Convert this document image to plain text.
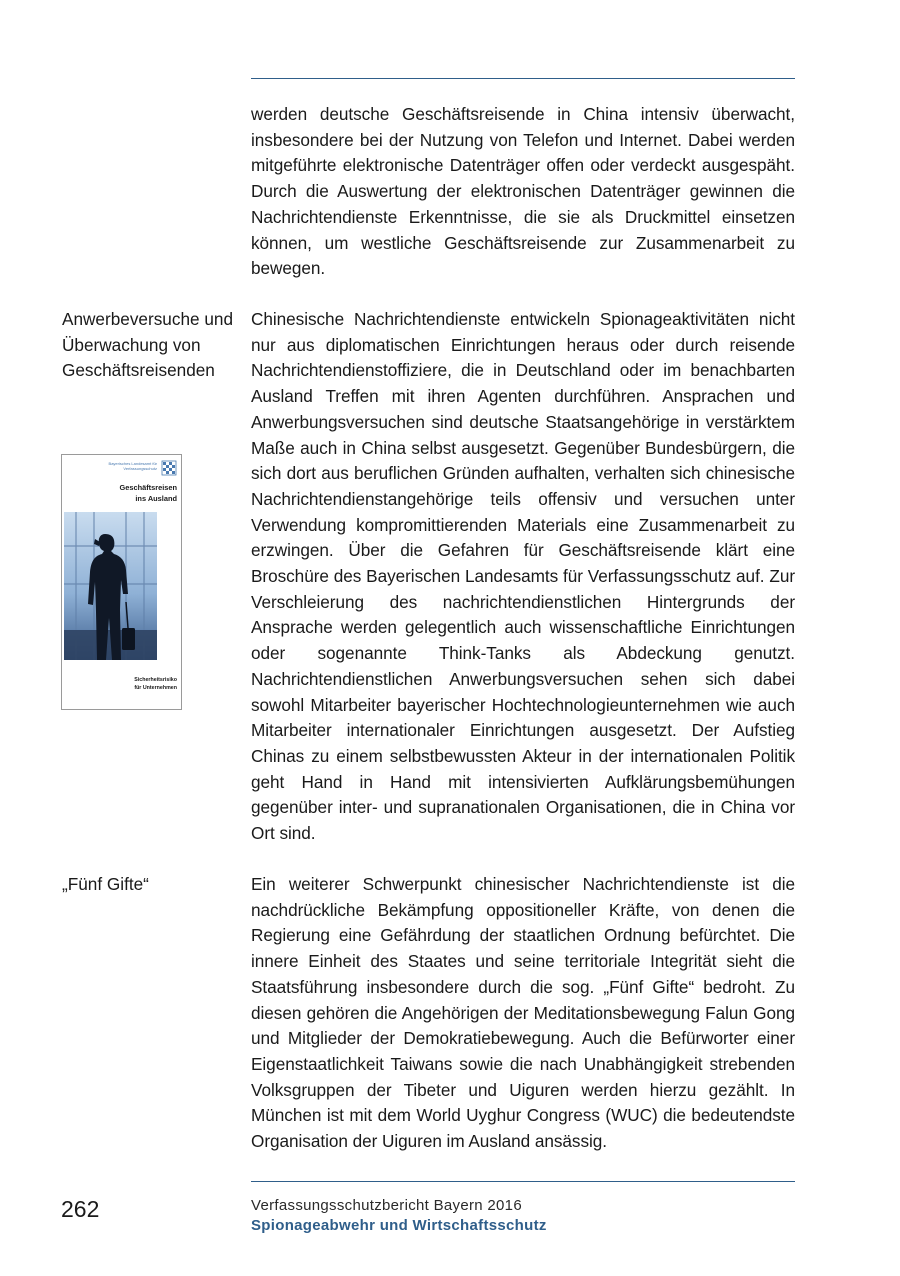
werden deutsche Geschäftsreisende in China intensiv überwacht, insbesondere bei der Nutzung von Telefon und Internet. Dabei werden mitgeführte elektronische Datenträger offen oder verdeckt ausgespäht. Durch die Auswertung der elektronischen Datenträger gewinnen die Nachrichtendienste Erkenntnisse, die sie als Druckmittel einsetzen können, um westliche Geschäftsreisende zur Zusammenarbeit zu bewegen.

Anwerbeversuche und Überwachung von Geschäftsreisenden

Chinesische Nachrichtendienste entwickeln Spionageaktivitäten nicht nur aus diplomatischen Einrichtungen heraus oder durch reisende Nachrichtendienstoffiziere, die in Deutschland oder im benachbarten Ausland Treffen mit ihren Agenten durchführen. Ansprachen und Anwerbungsversuchen sind deutsche Staatsangehörige in verstärktem Maße auch in China selbst ausgesetzt. Gegenüber Bundesbürgern, die sich dort aus beruflichen Gründen aufhalten, verhalten sich chinesische Nachrichtendienstangehörige teils offensiv und versuchen unter Verwendung kompromittierenden Materials eine Zusammenarbeit zu erzwingen. Über die Gefahren für Geschäftsreisende klärt eine Broschüre des Bayerischen Landesamts für Verfassungsschutz auf. Zur Verschleierung des nachrichtendienstlichen Hintergrunds der Ansprache werden gelegentlich auch wissenschaftliche Einrichtungen oder sogenannte Think-Tanks als Abdeckung genutzt. Nachrichtendienstlichen Anwerbungsversuchen sehen sich dabei sowohl Mitarbeiter bayerischer Hochtechnologieunternehmen wie auch Mitarbeiter internationaler Einrichtungen ausgesetzt. Der Aufstieg Chinas zu einem selbstbewussten Akteur in der internationalen Politik geht Hand in Hand mit intensivierten Aufklärungsbemühungen gegenüber inter- und supranationalen Organisationen, die in China vor Ort sind.

Bayerisches Landesamt für Verfassungsschutz
Geschäftsreisen
ins Ausland
Sicherheitsrisiko
für Unternehmen

„Fünf Gifte“	Ein weiterer Schwerpunkt chinesischer Nachrichtendienste ist die nachdrückliche Bekämpfung oppositioneller Kräfte, von denen die Regierung eine Gefährdung der staatlichen Ordnung befürchtet. Die innere Einheit des Staates und seine territoriale Integrität sieht die Staatsführung insbesondere durch die sog. „Fünf Gifte“ bedroht. Zu diesen gehören die Angehörigen der Meditationsbewegung Falun Gong und Mitglieder der Demokratiebewegung. Auch die Befürworter einer Eigenstaatlichkeit Taiwans sowie die nach Unabhängigkeit strebenden Volksgruppen der Tibeter und Uiguren werden hierzu gezählt. In München ist mit dem World Uyghur Congress (WUC) die bedeutendste Organisation der Uiguren im Ausland ansässig.

262	Verfassungsschutzbericht Bayern 2016
Spionageabwehr und Wirtschaftsschutz
